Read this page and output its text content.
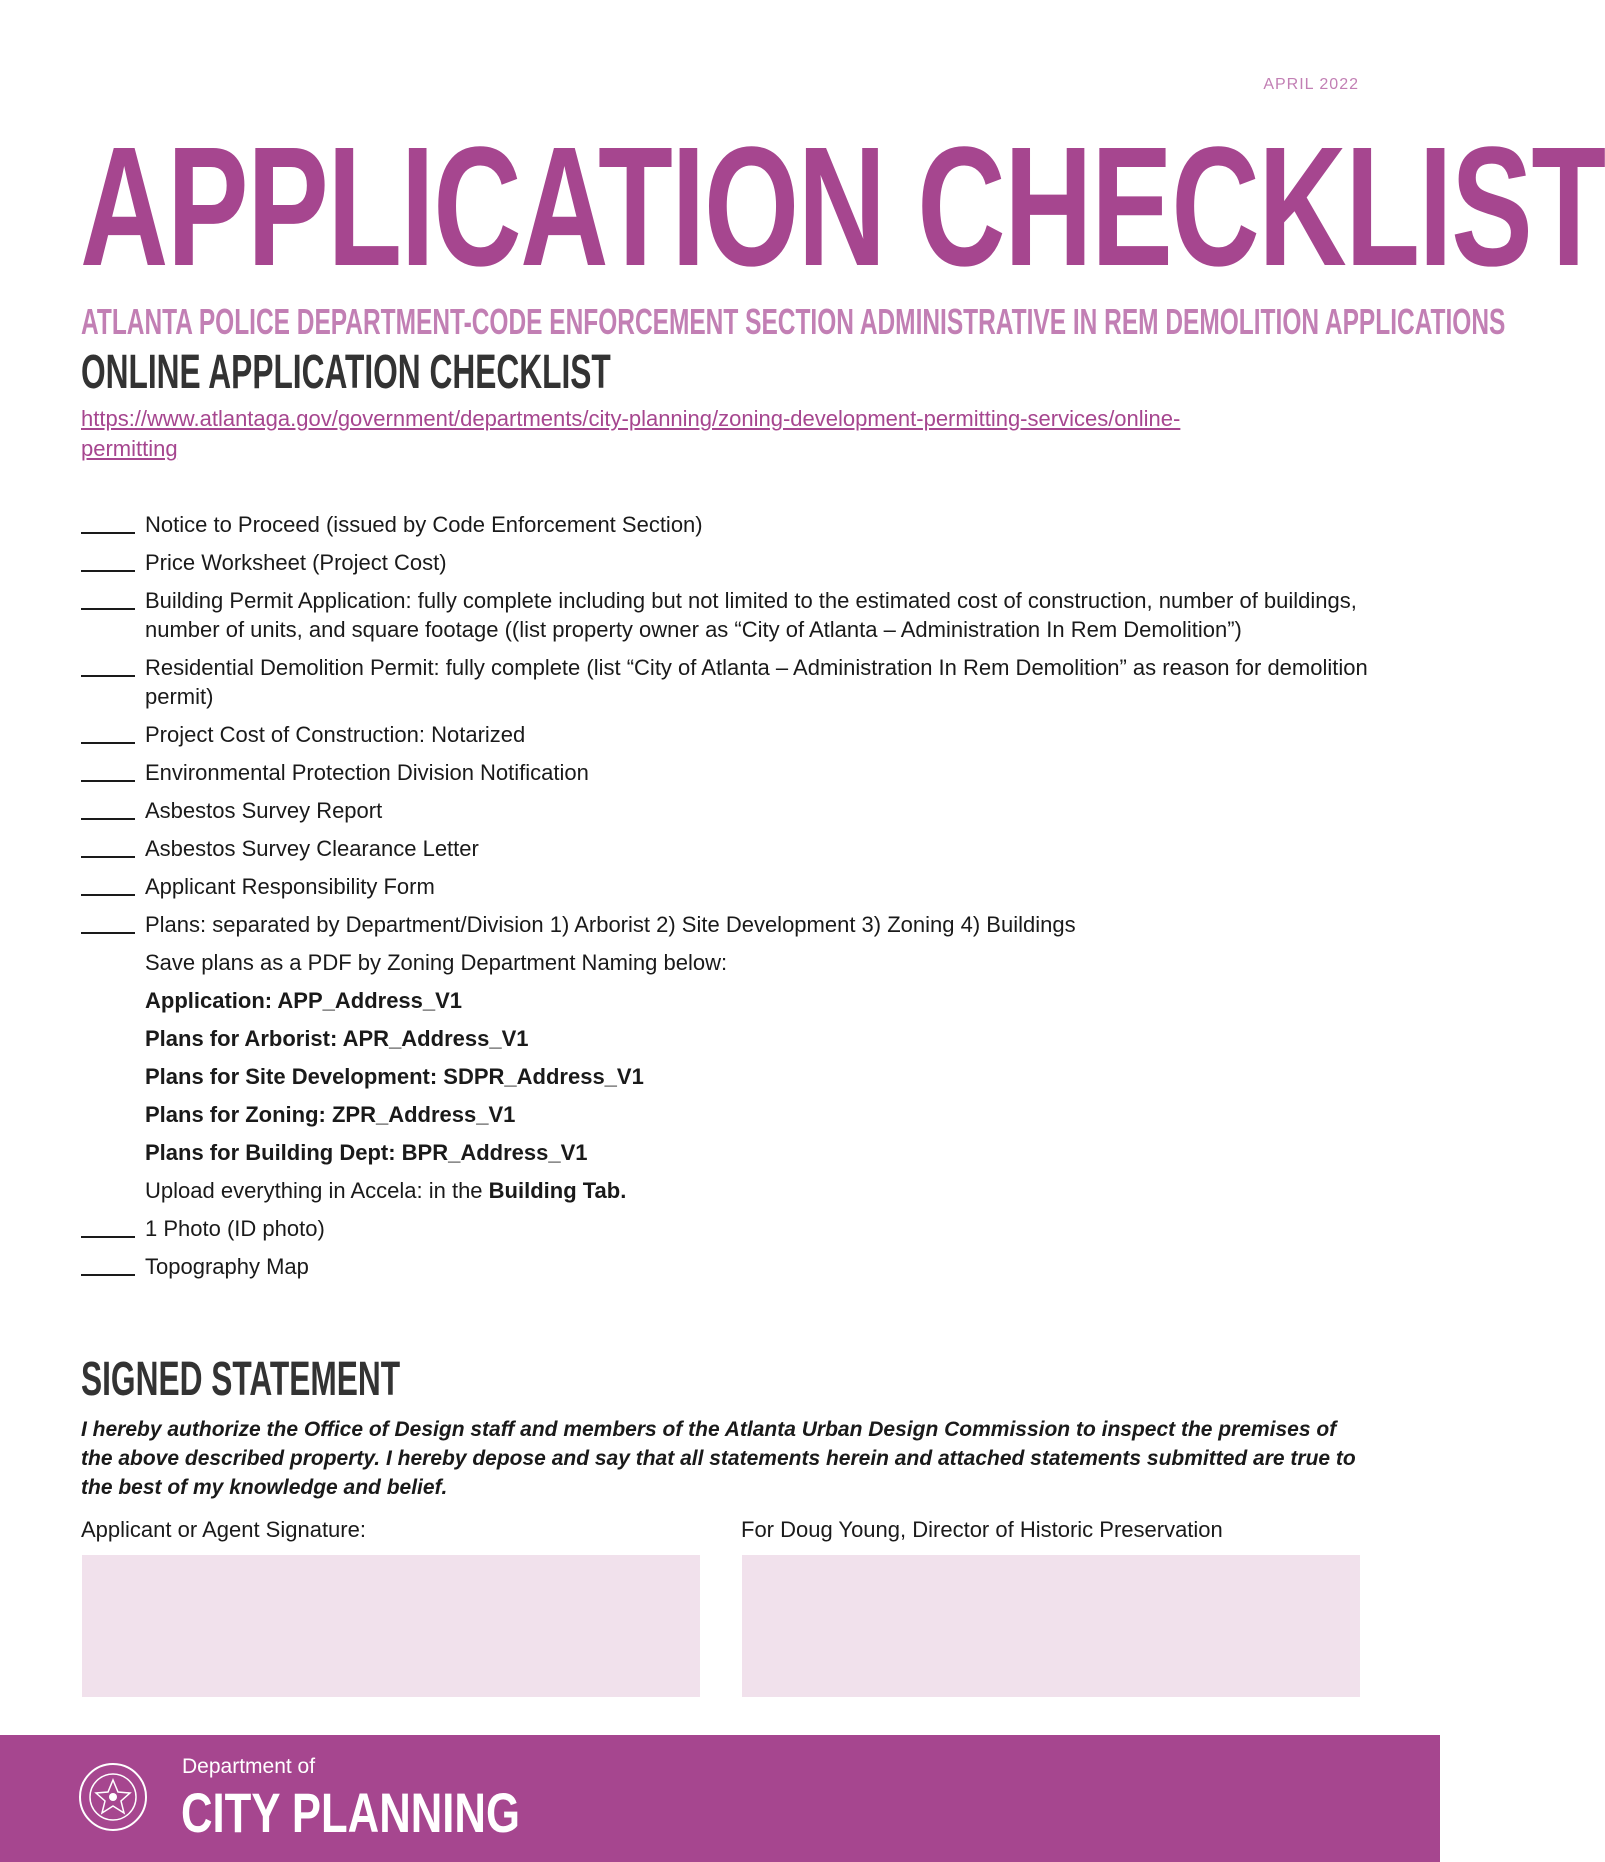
APRIL 2022
APPLICATION CHECKLIST
ATLANTA POLICE DEPARTMENT-CODE ENFORCEMENT SECTION ADMINISTRATIVE IN REM DEMOLITION APPLICATIONS
ONLINE APPLICATION CHECKLIST
https://www.atlantaga.gov/government/departments/city-planning/zoning-development-permitting-services/online-
permitting
Notice to Proceed (issued by Code Enforcement Section)
Price Worksheet (Project Cost)
Building Permit Application: fully complete including but not limited to the estimated cost of construction, number of buildings, number of units, and square footage ((list property owner as “City of Atlanta – Administration In Rem Demolition”)
Residential Demolition Permit: fully complete (list “City of Atlanta – Administration In Rem Demolition” as reason for demolition permit)
Project Cost of Construction: Notarized
Environmental Protection Division Notification
Asbestos Survey Report
Asbestos Survey Clearance Letter
Applicant Responsibility Form
Plans: separated by Department/Division 1) Arborist 2) Site Development 3) Zoning 4) Buildings
Save plans as a PDF by Zoning Department Naming below:
Application: APP_Address_V1
Plans for Arborist: APR_Address_V1
Plans for Site Development: SDPR_Address_V1
Plans for Zoning: ZPR_Address_V1
Plans for Building Dept: BPR_Address_V1
Upload everything in Accela: in the Building Tab.
1 Photo (ID photo)
Topography Map
SIGNED STATEMENT
I hereby authorize the Office of Design staff and members of the Atlanta Urban Design Commission to inspect the premises of the above described property. I hereby depose and say that all statements herein and attached statements submitted are true to the best of my knowledge and belief.
Applicant or Agent Signature:	For Doug Young, Director of Historic Preservation
Department of
CITY PLANNING
